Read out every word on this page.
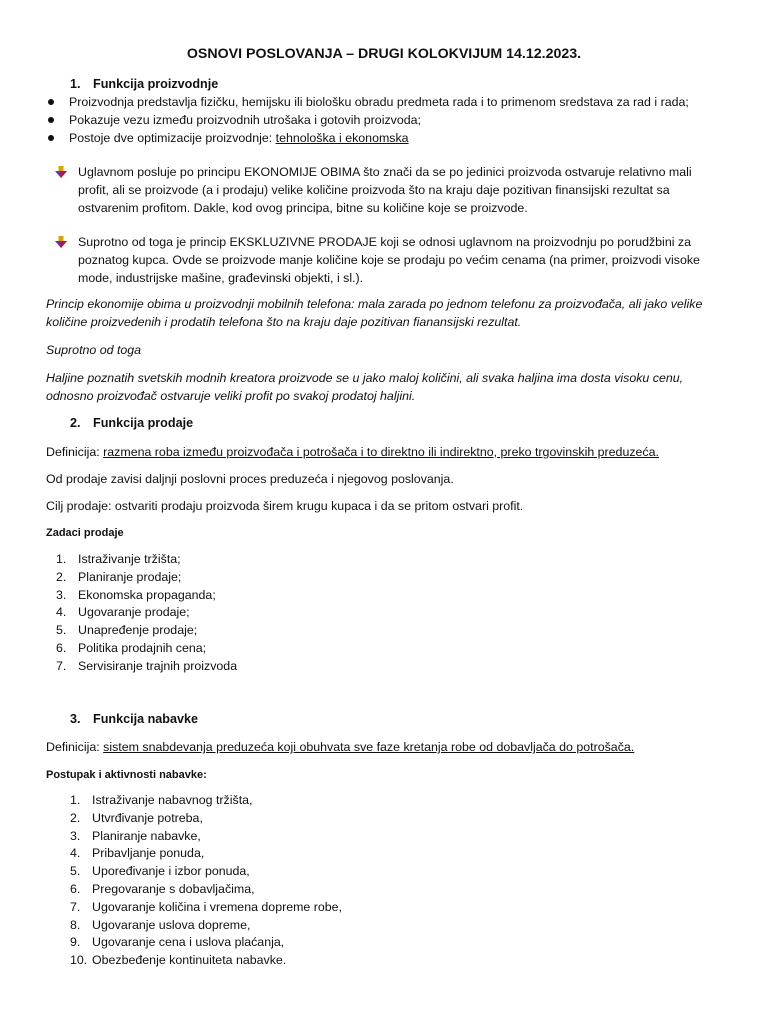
OSNOVI POSLOVANJA – DRUGI KOLOKVIJUM 14.12.2023.
1. Funkcija proizvodnje
Proizvodnja predstavlja fizičku, hemijsku ili biološku obradu predmeta rada i to primenom sredstava za rad i rada;
Pokazuje vezu između proizvodnih utrošaka i gotovih proizvoda;
Postoje dve optimizacije proizvodnje: tehnološka i ekonomska
Uglavnom posluje po principu EKONOMIJE OBIMA što znači da se po jedinici proizvoda ostvaruje relativno mali profit, ali se proizvode (a i prodaju) velike količine proizvoda što na kraju daje pozitivan finansijski rezultat sa ostvarenim profitom. Dakle, kod ovog principa, bitne su količine koje se proizvode.
Suprotno od toga je princip EKSKLUZIVNE PRODAJE koji se odnosi uglavnom na proizvodnju po porudžbini za poznatog kupca. Ovde se proizvode manje količine koje se prodaju po većim cenama (na primer, proizvodi visoke mode, industrijske mašine, građevinski objekti, i sl.).
Princip ekonomije obima u proizvodnji mobilnih telefona: mala zarada po jednom telefonu za proizvođača, ali jako velike količine proizvedenih i prodatih telefona što na kraju daje pozitivan fianansijski rezultat.
Suprotno od toga
Haljine poznatih svetskih modnih kreatora proizvode se u jako maloj količini, ali svaka haljina ima dosta visoku cenu, odnosno proizvođač ostvaruje veliki profit po svakoj prodatoj haljini.
2. Funkcija prodaje
Definicija: razmena roba između proizvođača i potrošača i to direktno ili indirektno, preko trgovinskih preduzeća.
Od prodaje zavisi daljnji poslovni proces preduzeća i njegovog poslovanja.
Cilj prodaje: ostvariti prodaju proizvoda širem krugu kupaca i da se pritom ostvari profit.
Zadaci prodaje
1. Istraživanje tržišta;
2. Planiranje prodaje;
3. Ekonomska propaganda;
4. Ugovaranje prodaje;
5. Unapređenje prodaje;
6. Politika prodajnih cena;
7. Servisiranje trajnih proizvoda
3. Funkcija nabavke
Definicija: sistem snabdevanja preduzeća koji obuhvata sve faze kretanja robe od dobavljača do potrošača.
Postupak i aktivnosti nabavke:
1. Istraživanje nabavnog tržišta,
2. Utvrđivanje potreba,
3. Planiranje nabavke,
4. Pribavljanje ponuda,
5. Upoređivanje i izbor ponuda,
6. Pregovaranje s dobavljačima,
7. Ugovaranje količina i vremena dopreme robe,
8. Ugovaranje uslova dopreme,
9. Ugovaranje cena i uslova plaćanja,
10. Obezbeđenje kontinuiteta nabavke.
